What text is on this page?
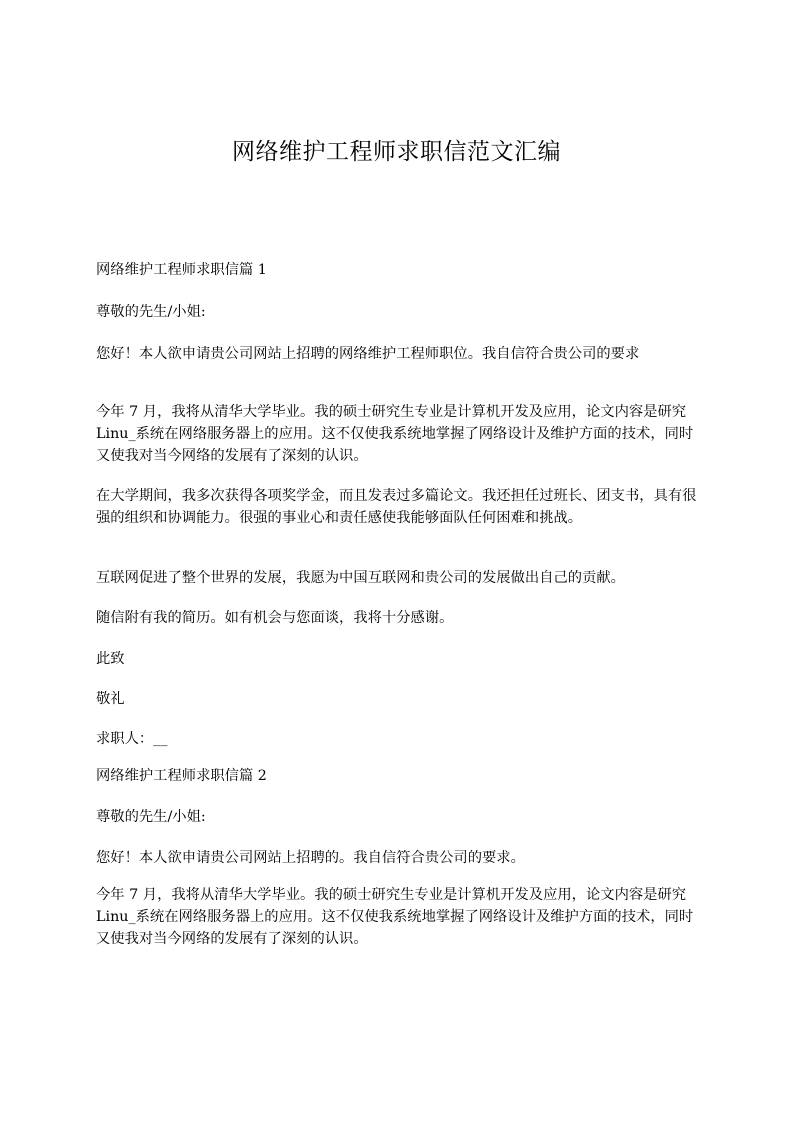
网络维护工程师求职信范文汇编
网络维护工程师求职信篇 1
尊敬的先生/小姐:
您好！本人欲申请贵公司网站上招聘的网络维护工程师职位。我自信符合贵公司的要求
今年 7 月，我将从清华大学毕业。我的硕士研究生专业是计算机开发及应用，论文内容是研究 Linu_系统在网络服务器上的应用。这不仅使我系统地掌握了网络设计及维护方面的技术，同时又使我对当今网络的发展有了深刻的认识。
在大学期间，我多次获得各项奖学金，而且发表过多篇论文。我还担任过班长、团支书，具有很强的组织和协调能力。很强的事业心和责任感使我能够面队任何困难和挑战。
互联网促进了整个世界的发展，我愿为中国互联网和贵公司的发展做出自己的贡献。
随信附有我的简历。如有机会与您面谈，我将十分感谢。
此致
敬礼
求职人：__
网络维护工程师求职信篇 2
尊敬的先生/小姐:
您好！本人欲申请贵公司网站上招聘的。我自信符合贵公司的要求。
今年 7 月，我将从清华大学毕业。我的硕士研究生专业是计算机开发及应用，论文内容是研究 Linu_系统在网络服务器上的应用。这不仅使我系统地掌握了网络设计及维护方面的技术，同时又使我对当今网络的发展有了深刻的认识。
